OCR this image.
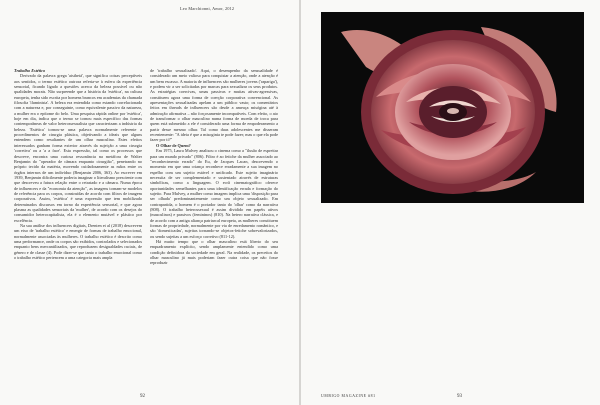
Leo Marchionni, Amor, 2012

Trabalho Estético

Derivado da palavra grega 'aisthetá', que significa coisas perceptíveis aos sentidos, o termo estético outrora referia-se à esfera da experiência sensorial, ficando ligado a questões acerca da beleza possível ou não qualidades morais. Não surpreende que a história da 'estética', na cultura europeia, tenha sido escrita por homens brancos em academias da chamada filosofia 'iluminista'. A beleza era entendida como estando correlacionada com a natureza e, por conseguinte, como equivalente passivo da natureza, a mulher era o epítome do belo. Uma pesquisa rápida online por 'estética', hoje em dia, indica que o termo se tornou mais específico das formas contemporâneas de valor heterossexualista que caracterizam a indústria da beleza. 'Estética' tornou-se uma palavra normalmente referente a procedimentos de cirurgia plástica, objetivando a ideais que alguns entendem como resultantes de um olhar masculino. Estes efeitos interessados ganham forma exterior através da sujeição a uma cirurgia 'corretiva' ou a 'a a face'. Esta expressão, tal como os processos que descreve, encontra uma curiosa ressonância na metáfora de Walter Benjamin do "operador de câmara enquanto cirurgião", penetrando no próprio tecido da matéria, movendo cuidadosamente as mãos entre os órgãos internos de um indivíduo (Benjamin 2006, 363). Ao escrever em 1939, Benjamin dificilmente poderia imaginar o literalismo presciente com que descreveu a futura relação entre o retratado e a câmara. Numa época de influencers e da "economia da atenção", as imagens tornam-se modelos de referência para os corpos, construídas de acordo com filtros de imagem corporativos. Assim, 'estética' é uma expressão que tem mobilizado determinados discursos em torno da experiência sensorial, e que agora plasma as qualidades sensoriais da 'mulher', de acordo com os desejos do consumidor heterocapitalista, ela é o elemento mutável e plástico por excelência.

Na sua análise dos influencers digitais, Drenten et al (2018) descrevem um eixo de 'trabalho estético' e emergir de formas de trabalho emocional, normalmente associadas às mulheres. O trabalho estético é descrito como uma performance, onde os corpos são exibidos, controlados e selecionados enquanto bens mercantilizados, que reproduzem desigualdades raciais, de género e de classe (4). Pode dizer-se que tanto o trabalho emocional como o trabalho estético pertencem a uma categoria mais ampla

de 'trabalho sexualizado'. Aqui, o desempenho da sensualidade é considerado um meio valioso para conquistar a atenção, onde a atenção é um bem escasso. A maioria de influencers são mulheres jovens ('rapariga'), e podem vir a ser solicitadas por marcas para sexualizar os seus produtos. As estratégias coercivas, umas passivas e muitas ativas-agressivas, constituem agora uma forma de coerção corporativa convencional. As apresentações sexualizadas apelam a um público vasto; os comentários feitos em threads de influencers são desde a ameaça misógina até à admiração afirmativa – não forçosamente incompatíveis. Com efeito, o ato de transformar o olhar masculino numa forma de moeda de troca para quem está submetido a ele é considerado uma forma de empoderamento a partir desse mesmo olhar. Tal como duas adolescentes me disseram recentemente: "A ideia é que a misoginia te pode fazer; mas o que ela pode fazer por ti?"

O Olhar de Quem?

Em 1975, Laura Mulvey analisou o cinema como a "ilusão de espreitar para um mundo privado" (806). Filtro é ao fetiche da mulher associado ao "reconhecimento errado" do Eu, de Jacques Lacan, descrevendo o momento em que uma criança reconhece erradamente a sua imagem no espelho com um sujeito estável e unificado. Este sujeito imaginário necessita de ser complementado e sustentado através de estruturas simbólicas, como a linguagem. O ecrã cinematográfico oferece oportunidades semelhantes para uma identificação errada e formação do sujeito. Para Mulvey, a mulher como imagem implica uma 'disposição para ser olhada' predominantemente como um objeto sexualizado. Em contrapartida, o homem é o portador tanto do 'olhar' como da narrativa (808). O trabalho heterossexual é assim dividido em papéis ativos (masculinos) e passivos (femininos) (810). Na hetero narrativa clássica, e de acordo com a antiga aliança patriarcal europeia, as mulheres constituem formas de propriedade, normalmente por via de enredamento romântico, e são 'domesticadas', sujeitas tornando-se objetos-fetiche sobrevalorizados, ou sendo sujeitas a um esforço corretivo (811-12).

Há muito tempo que o olhar masculino está liberto do seu enquadramento explícito, sendo amplamente entendido como uma condição definidora da sociedade em geral. Na realidade, os preceitos do olhar masculino já mais poderiam fazer outra coisa que não fosse reproduzir

92	UMBIGO MAGAZINE #81	93
